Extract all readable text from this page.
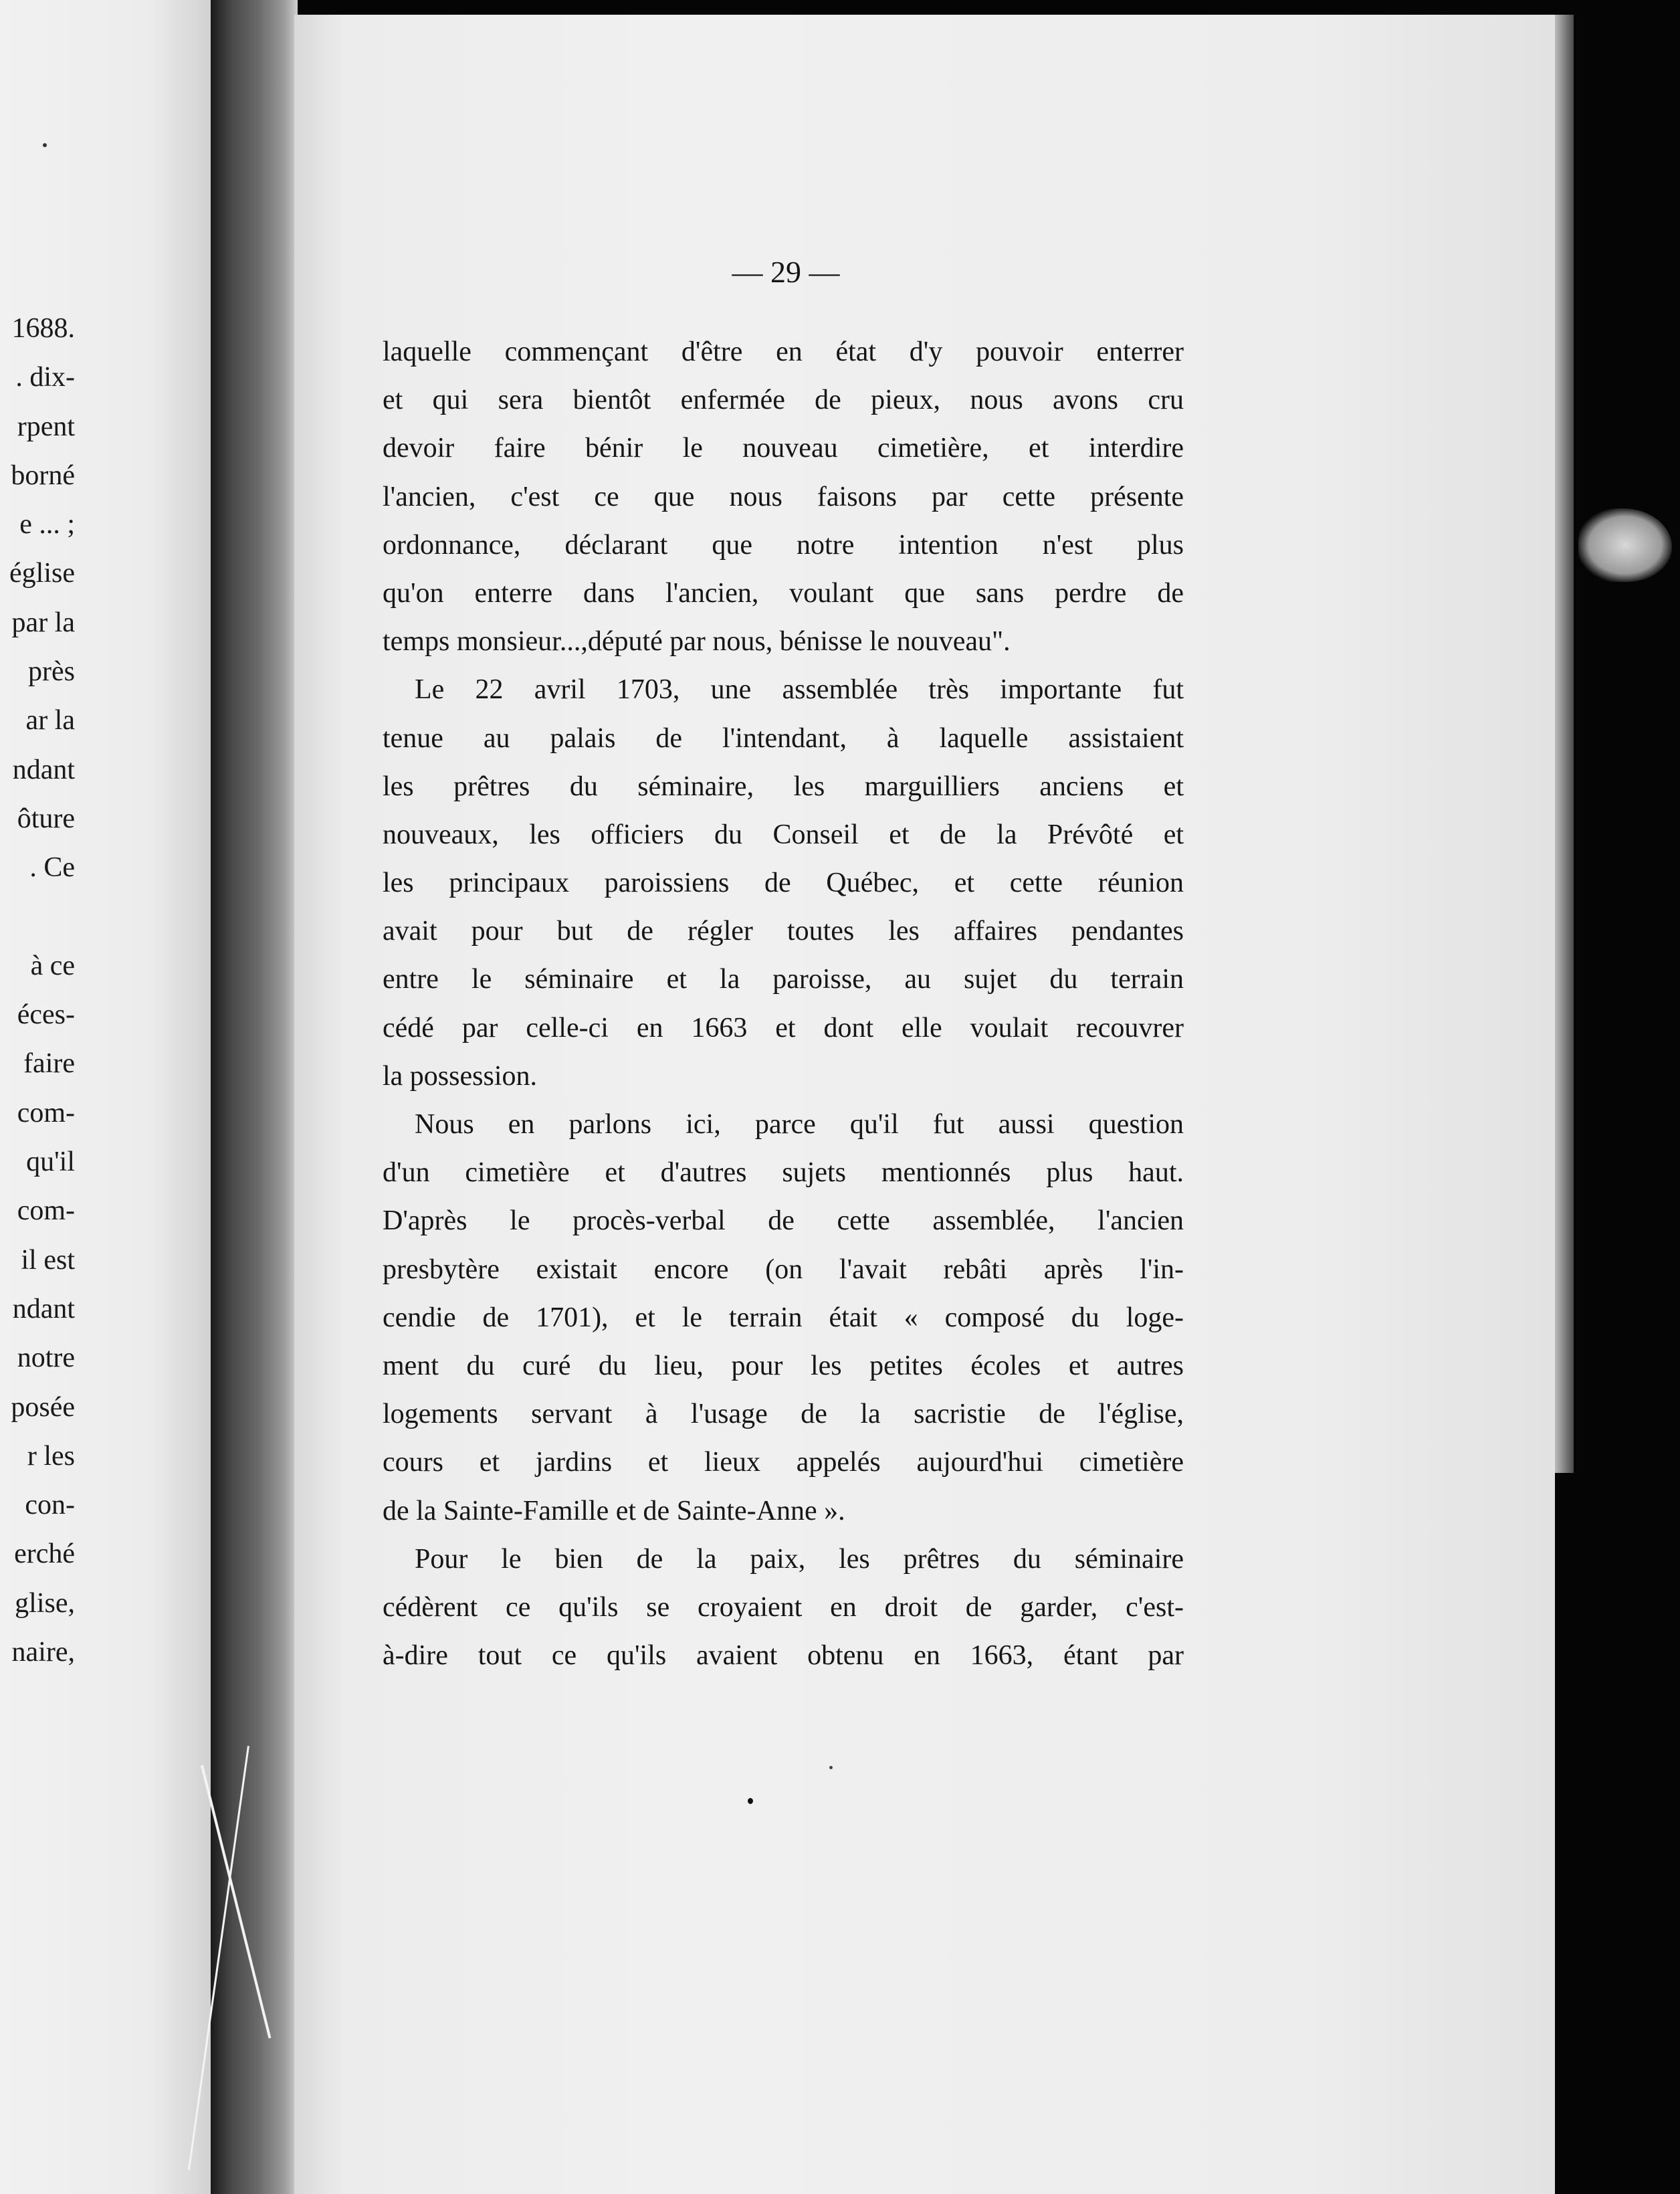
1688.
. dix-
rpent
borné
e ... ;
église
par la
près
ar la
ndant
ôture
. Ce
à ce
éces-
faire
com-
qu'il
com-
il est
ndant
notre
posée
r les
con-
erché
glise,
naire,
— 29 —
laquelle commençant d'être en état d'y pouvoir enterrer
et qui sera bientôt enfermée de pieux, nous avons cru
devoir faire bénir le nouveau cimetière, et interdire
l'ancien, c'est ce que nous faisons par cette présente
ordonnance, déclarant que notre intention n'est plus
qu'on enterre dans l'ancien, voulant que sans perdre de
temps monsieur...,député par nous, bénisse le nouveau".
Le 22 avril 1703, une assemblée très importante fut
tenue au palais de l'intendant, à laquelle assistaient
les prêtres du séminaire, les marguilliers anciens et
nouveaux, les officiers du Conseil et de la Prévôté et
les principaux paroissiens de Québec, et cette réunion
avait pour but de régler toutes les affaires pendantes
entre le séminaire et la paroisse, au sujet du terrain
cédé par celle-ci en 1663 et dont elle voulait recouvrer
la possession.
Nous en parlons ici, parce qu'il fut aussi question
d'un cimetière et d'autres sujets mentionnés plus haut.
D'après le procès-verbal de cette assemblée, l'ancien
presbytère existait encore (on l'avait rebâti après l'in-
cendie de 1701), et le terrain était « composé du loge-
ment du curé du lieu, pour les petites écoles et autres
logements servant à l'usage de la sacristie de l'église,
cours et jardins et lieux appelés aujourd'hui cimetière
de la Sainte-Famille et de Sainte-Anne ».
Pour le bien de la paix, les prêtres du séminaire
cédèrent ce qu'ils se croyaient en droit de garder, c'est-
à-dire tout ce qu'ils avaient obtenu en 1663, étant par
